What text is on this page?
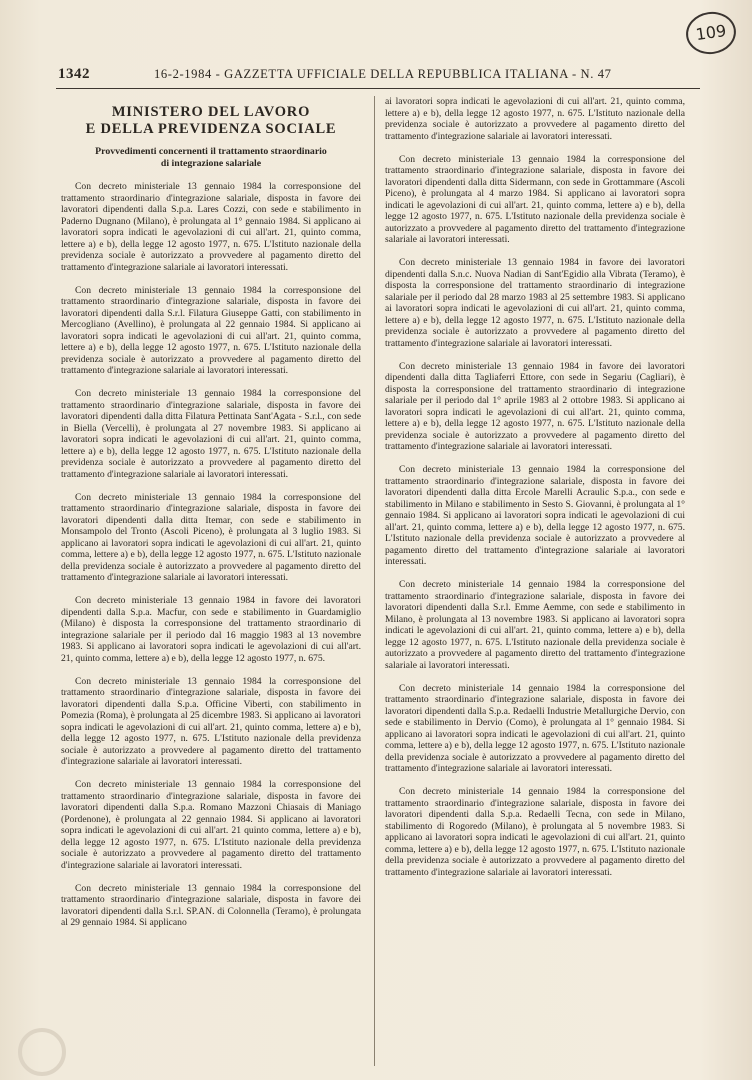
109
1342	16-2-1984 - GAZZETTA UFFICIALE DELLA REPUBBLICA ITALIANA - N. 47
MINISTERO DEL LAVORO
E DELLA PREVIDENZA SOCIALE
Provvedimenti concernenti il trattamento straordinario
di integrazione salariale

Con decreto ministeriale 13 gennaio 1984 la corresponsione del trattamento straordinario d'integrazione salariale, disposta in favore dei lavoratori dipendenti dalla S.p.a. Lares Cozzi, con sede e stabilimento in Paderno Dugnano (Milano), è prolungata al 1° gennaio 1984. Si applicano ai lavoratori sopra indicati le agevolazioni di cui all'art. 21, quinto comma, lettere a) e b), della legge 12 agosto 1977, n. 675. L'Istituto nazionale della previdenza sociale è autorizzato a provvedere al pagamento diretto del trattamento d'integrazione salariale ai lavoratori interessati.

Con decreto ministeriale 13 gennaio 1984 la corresponsione del trattamento straordinario d'integrazione salariale, disposta in favore dei lavoratori dipendenti dalla S.r.l. Filatura Giuseppe Gatti, con stabilimento in Mercogliano (Avellino), è prolungata al 22 gennaio 1984. Si applicano ai lavoratori sopra indicati le agevolazioni di cui all'art. 21, quinto comma, lettere a) e b), della legge 12 agosto 1977, n. 675. L'Istituto nazionale della previdenza sociale è autorizzato a provvedere al pagamento diretto del trattamento d'integrazione salariale ai lavoratori interessati.

Con decreto ministeriale 13 gennaio 1984 la corresponsione del trattamento straordinario d'integrazione salariale, disposta in favore dei lavoratori dipendenti dalla ditta Filatura Pettinata Sant'Agata - S.r.l., con sede in Biella (Vercelli), è prolungata al 27 novembre 1983. Si applicano ai lavoratori sopra indicati le agevolazioni di cui all'art. 21, quinto comma, lettere a) e b), della legge 12 agosto 1977, n. 675. L'Istituto nazionale della previdenza sociale è autorizzato a provvedere al pagamento diretto del trattamento d'integrazione salariale ai lavoratori interessati.

Con decreto ministeriale 13 gennaio 1984 la corresponsione del trattamento straordinario d'integrazione salariale, disposta in favore dei lavoratori dipendenti dalla ditta Itemar, con sede e stabilimento in Monsampolo del Tronto (Ascoli Piceno), è prolungata al 3 luglio 1983. Si applicano ai lavoratori sopra indicati le agevolazioni di cui all'art. 21, quinto comma, lettere a) e b), della legge 12 agosto 1977, n. 675. L'Istituto nazionale della previdenza sociale è autorizzato a provvedere al pagamento diretto del trattamento d'integrazione salariale ai lavoratori interessati.

Con decreto ministeriale 13 gennaio 1984 in favore dei lavoratori dipendenti dalla S.p.a. Macfur, con sede e stabilimento in Guardamiglio (Milano) è disposta la corresponsione del trattamento straordinario di integrazione salariale per il periodo dal 16 maggio 1983 al 13 novembre 1983. Si applicano ai lavoratori sopra indicati le agevolazioni di cui all'art. 21, quinto comma, lettere a) e b), della legge 12 agosto 1977, n. 675.

Con decreto ministeriale 13 gennaio 1984 la corresponsione del trattamento straordinario d'integrazione salariale, disposta in favore dei lavoratori dipendenti dalla S.p.a. Officine Viberti, con stabilimento in Pomezia (Roma), è prolungata al 25 dicembre 1983. Si applicano ai lavoratori sopra indicati le agevolazioni di cui all'art. 21, quinto comma, lettere a) e b), della legge 12 agosto 1977, n. 675. L'Istituto nazionale della previdenza sociale è autorizzato a provvedere al pagamento diretto del trattamento d'integrazione salariale ai lavoratori interessati.

Con decreto ministeriale 13 gennaio 1984 la corresponsione del trattamento straordinario d'integrazione salariale, disposta in favore dei lavoratori dipendenti dalla S.p.a. Romano Mazzoni Chiasais di Maniago (Pordenone), è prolungata al 22 gennaio 1984. Si applicano ai lavoratori sopra indicati le agevolazioni di cui all'art. 21 quinto comma, lettere a) e b), della legge 12 agosto 1977, n. 675. L'Istituto nazionale della previdenza sociale è autorizzato a provvedere al pagamento diretto del trattamento d'integrazione salariale ai lavoratori interessati.

Con decreto ministeriale 13 gennaio 1984 la corresponsione del trattamento straordinario d'integrazione salariale, disposta in favore dei lavoratori dipendenti dalla S.r.l. SP.AN. di Colonnella (Teramo), è prolungata al 29 gennaio 1984. Si applicano

ai lavoratori sopra indicati le agevolazioni di cui all'art. 21, quinto comma, lettere a) e b), della legge 12 agosto 1977, n. 675. L'Istituto nazionale della previdenza sociale è autorizzato a provvedere al pagamento diretto del trattamento d'integrazione salariale ai lavoratori interessati.

Con decreto ministeriale 13 gennaio 1984 la corresponsione del trattamento straordinario d'integrazione salariale, disposta in favore dei lavoratori dipendenti dalla ditta Sidermann, con sede in Grottammare (Ascoli Piceno), è prolungata al 4 marzo 1984. Si applicano ai lavoratori sopra indicati le agevolazioni di cui all'art. 21, quinto comma, lettere a) e b), della legge 12 agosto 1977, n. 675. L'Istituto nazionale della previdenza sociale è autorizzato a provvedere al pagamento diretto del trattamento d'integrazione salariale ai lavoratori interessati.

Con decreto ministeriale 13 gennaio 1984 in favore dei lavoratori dipendenti dalla S.n.c. Nuova Nadian di Sant'Egidio alla Vibrata (Teramo), è disposta la corresponsione del trattamento straordinario di integrazione salariale per il periodo dal 28 marzo 1983 al 25 settembre 1983. Si applicano ai lavoratori sopra indicati le agevolazioni di cui all'art. 21, quinto comma, lettere a) e b), della legge 12 agosto 1977, n. 675. L'Istituto nazionale della previdenza sociale è autorizzato a provvedere al pagamento diretto del trattamento d'integrazione salariale ai lavoratori interessati.

Con decreto ministeriale 13 gennaio 1984 in favore dei lavoratori dipendenti dalla ditta Tagliaferri Ettore, con sede in Segariu (Cagliari), è disposta la corresponsione del trattamento straordinario di integrazione salariale per il periodo dal 1° aprile 1983 al 2 ottobre 1983. Si applicano ai lavoratori sopra indicati le agevolazioni di cui all'art. 21, quinto comma, lettere a) e b), della legge 12 agosto 1977, n. 675. L'Istituto nazionale della previdenza sociale è autorizzato a provvedere al pagamento diretto del trattamento d'integrazione salariale ai lavoratori interessati.

Con decreto ministeriale 13 gennaio 1984 la corresponsione del trattamento straordinario d'integrazione salariale, disposta in favore dei lavoratori dipendenti dalla ditta Ercole Marelli Acraulic S.p.a., con sede e stabilimento in Milano e stabilimento in Sesto S. Giovanni, è prolungata al 1° gennaio 1984. Si applicano ai lavoratori sopra indicati le agevolazioni di cui all'art. 21, quinto comma, lettere a) e b), della legge 12 agosto 1977, n. 675. L'Istituto nazionale della previdenza sociale è autorizzato a provvedere al pagamento diretto del trattamento d'integrazione salariale ai lavoratori interessati.

Con decreto ministeriale 14 gennaio 1984 la corresponsione del trattamento straordinario d'integrazione salariale, disposta in favore dei lavoratori dipendenti dalla S.r.l. Emme Aemme, con sede e stabilimento in Milano, è prolungata al 13 novembre 1983. Si applicano ai lavoratori sopra indicati le agevolazioni di cui all'art. 21, quinto comma, lettere a) e b), della legge 12 agosto 1977, n. 675. L'Istituto nazionale della previdenza sociale è autorizzato a provvedere al pagamento diretto del trattamento d'integrazione salariale ai lavoratori interessati.

Con decreto ministeriale 14 gennaio 1984 la corresponsione del trattamento straordinario d'integrazione salariale, disposta in favore dei lavoratori dipendenti dalla S.p.a. Redaelli Industrie Metallurgiche Dervio, con sede e stabilimento in Dervio (Como), è prolungata al 1° gennaio 1984. Si applicano ai lavoratori sopra indicati le agevolazioni di cui all'art. 21, quinto comma, lettere a) e b), della legge 12 agosto 1977, n. 675. L'Istituto nazionale della previdenza sociale è autorizzato a provvedere al pagamento diretto del trattamento d'integrazione salariale ai lavoratori interessati.

Con decreto ministeriale 14 gennaio 1984 la corresponsione del trattamento straordinario d'integrazione salariale, disposta in favore dei lavoratori dipendenti dalla S.p.a. Redaelli Tecna, con sede in Milano, stabilimento di Rogoredo (Milano), è prolungata al 5 novembre 1983. Si applicano ai lavoratori sopra indicati le agevolazioni di cui all'art. 21, quinto comma, lettere a) e b), della legge 12 agosto 1977, n. 675. L'Istituto nazionale della previdenza sociale è autorizzato a provvedere al pagamento diretto del trattamento d'integrazione salariale ai lavoratori interessati.
